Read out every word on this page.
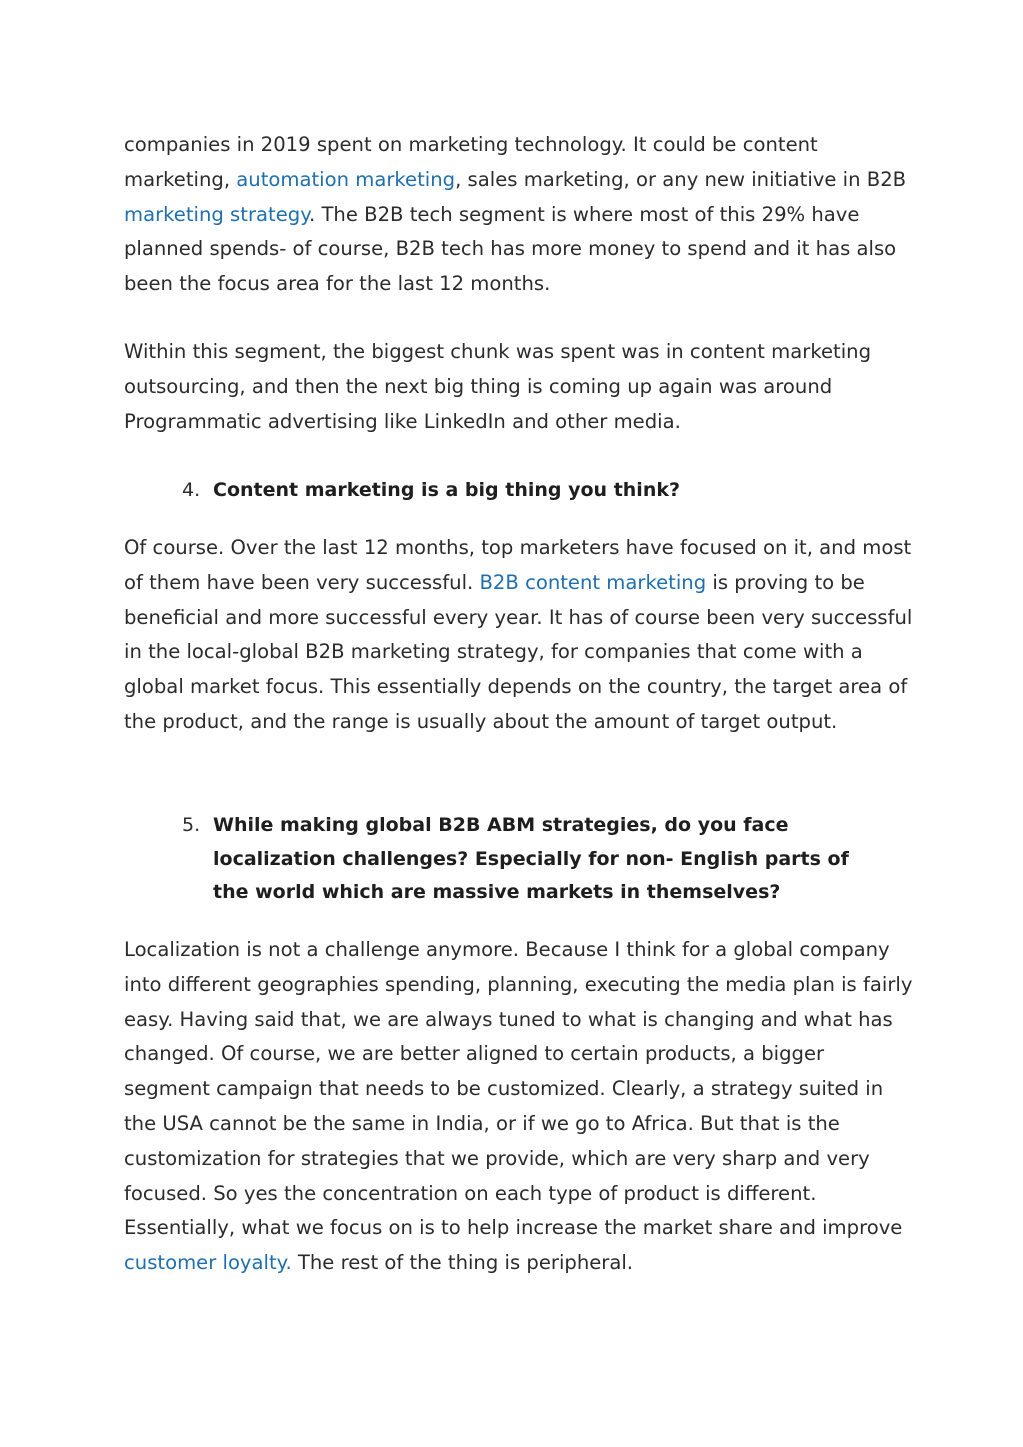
companies in 2019 spent on marketing technology. It could be content marketing, automation marketing, sales marketing, or any new initiative in B2B marketing strategy. The B2B tech segment is where most of this 29% have planned spends- of course, B2B tech has more money to spend and it has also been the focus area for the last 12 months.

Within this segment, the biggest chunk was spent was in content marketing outsourcing, and then the next big thing is coming up again was around Programmatic advertising like LinkedIn and other media.

4. Content marketing is a big thing you think?

Of course. Over the last 12 months, top marketers have focused on it, and most of them have been very successful. B2B content marketing is proving to be beneficial and more successful every year. It has of course been very successful in the local-global B2B marketing strategy, for companies that come with a global market focus. This essentially depends on the country, the target area of the product, and the range is usually about the amount of target output.

5. While making global B2B ABM strategies, do you face localization challenges? Especially for non- English parts of the world which are massive markets in themselves?

Localization is not a challenge anymore. Because I think for a global company into different geographies spending, planning, executing the media plan is fairly easy. Having said that, we are always tuned to what is changing and what has changed. Of course, we are better aligned to certain products, a bigger segment campaign that needs to be customized. Clearly, a strategy suited in the USA cannot be the same in India, or if we go to Africa. But that is the customization for strategies that we provide, which are very sharp and very focused. So yes the concentration on each type of product is different. Essentially, what we focus on is to help increase the market share and improve customer loyalty. The rest of the thing is peripheral.
